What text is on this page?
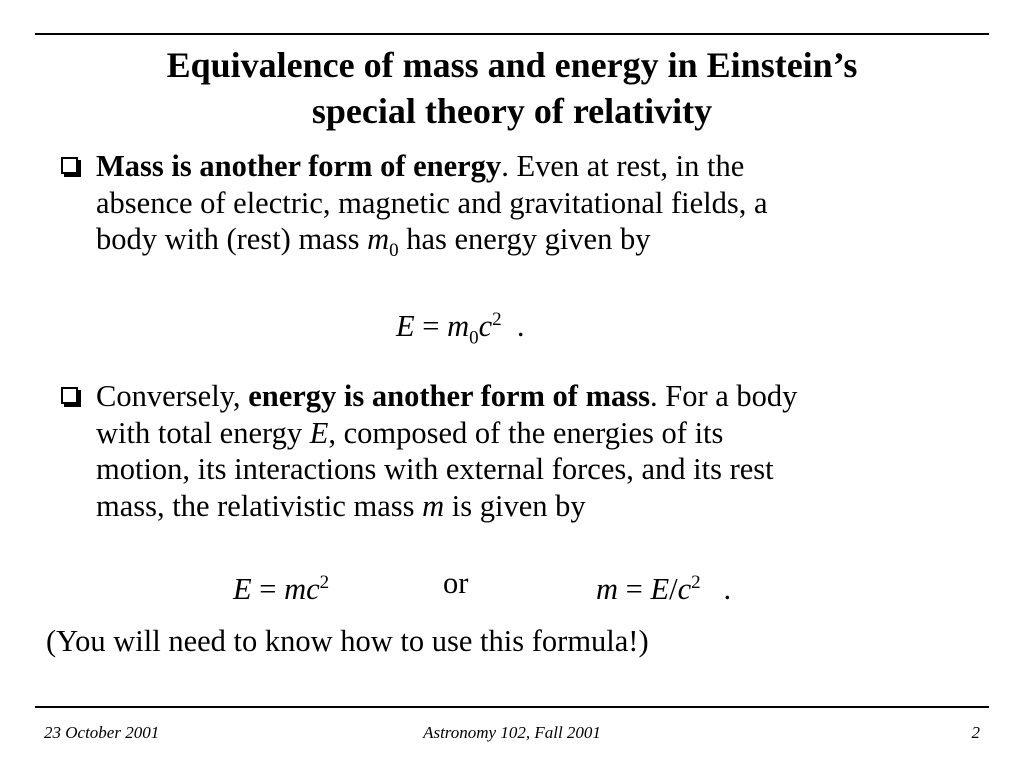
Equivalence of mass and energy in Einstein’s
special theory of relativity
Mass is another form of energy. Even at rest, in the
absence of electric, magnetic and gravitational fields, a
body with (rest) mass $m_0$ has energy given by
$E = m_0c^2$  .
Conversely, energy is another form of mass. For a body
with total energy E, composed of the energies of its
motion, its interactions with external forces, and its rest
mass, the relativistic mass m is given by
$E = mc^2$	or	$m = E/c^2$   .
(You will need to know how to use this formula!)
23 October 2001	Astronomy 102, Fall 2001	2
